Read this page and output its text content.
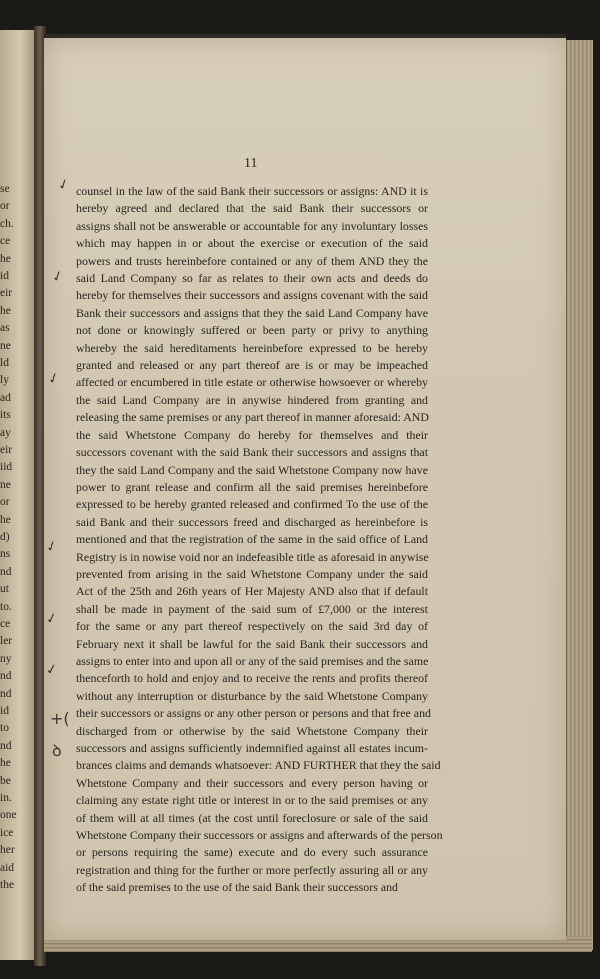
se
or
ch.
ce
he
id
eir
he
as
ne
ld
ly
ad
its
ay
eir
iid
ne
or
he
d)
ns
nd
ut
to.
ce
ler
ny
nd
nd
id
to
nd
he
be
in.
one
ice
her
aid
the
11
counsel in the law of the said Bank their successors or assigns: AND it is
hereby agreed and declared that the said Bank their successors or
assigns shall not be answerable or accountable for any involuntary losses
which may happen in or about the exercise or execution of the said
powers and trusts hereinbefore contained or any of them AND they the
said Land Company so far as relates to their own acts and deeds do
hereby for themselves their successors and assigns covenant with the said
Bank their successors and assigns that they the said Land Company have
not done or knowingly suffered or been party or privy to anything
whereby the said hereditaments hereinbefore expressed to be hereby
granted and released or any part thereof are is or may be impeached
affected or encumbered in title estate or otherwise howsoever or whereby
the said Land Company are in anywise hindered from granting and
releasing the same premises or any part thereof in manner aforesaid: AND
the said Whetstone Company do hereby for themselves and their
successors covenant with the said Bank their successors and assigns that
they the said Land Company and the said Whetstone Company now have
power to grant release and confirm all the said premises hereinbefore
expressed to be hereby granted released and confirmed To the use of the
said Bank and their successors freed and discharged as hereinbefore is
mentioned and that the registration of the same in the said office of Land
Registry is in nowise void nor an indefeasible title as aforesaid in anywise
prevented from arising in the said Whetstone Company under the said
Act of the 25th and 26th years of Her Majesty AND also that if default
shall be made in payment of the said sum of £7,000 or the interest
for the same or any part thereof respectively on the said 3rd day of
February next it shall be lawful for the said Bank their successors and
assigns to enter into and upon all or any of the said premises and the same
thenceforth to hold and enjoy and to receive the rents and profits thereof
without any interruption or disturbance by the said Whetstone Company
their successors or assigns or any other person or persons and that free and
discharged from or otherwise by the said Whetstone Company their
successors and assigns sufficiently indemnified against all estates incum-
brances claims and demands whatsoever: AND FURTHER that they the said
Whetstone Company and their successors and every person having or
claiming any estate right title or interest in or to the said premises or any
of them will at all times (at the cost until foreclosure or sale of the said
Whetstone Company their successors or assigns and afterwards of the person
or persons requiring the same) execute and do every such assurance
registration and thing for the further or more perfectly assuring all or any
of the said premises to the use of the said Bank their successors and
✓
✓
✓
✓
✓
✓
+(
ꝺ
